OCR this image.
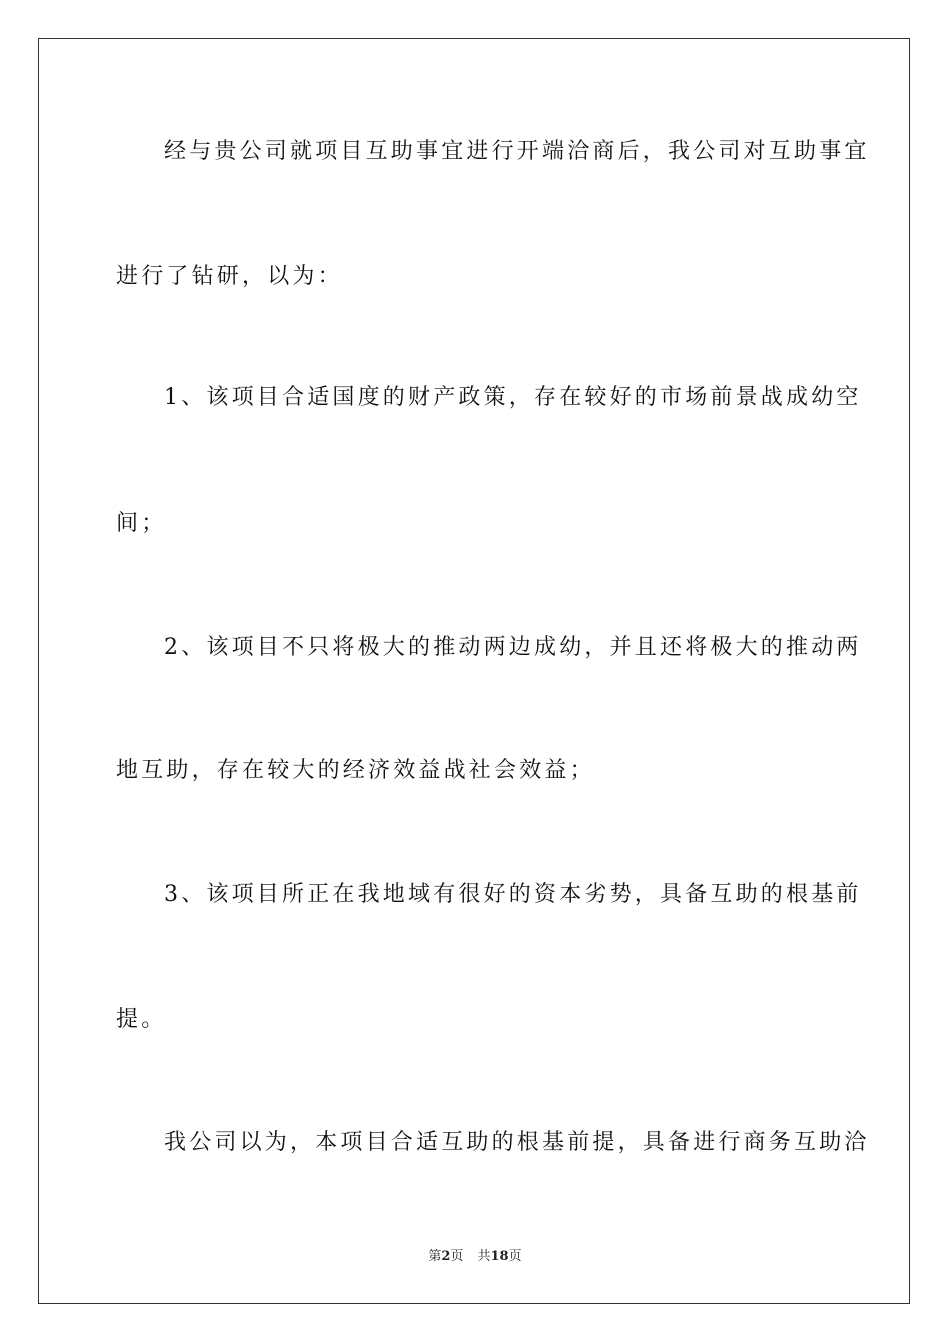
经与贵公司就项目互助事宜进行开端洽商后，我公司对互助事宜
进行了钻研，以为：
1、该项目合适国度的财产政策，存在较好的市场前景战成幼空
间；
2、该项目不只将极大的推动两边成幼，并且还将极大的推动两
地互助，存在较大的经济效益战社会效益；
3、该项目所正在我地域有很好的资本劣势，具备互助的根基前
提。
我公司以为，本项目合适互助的根基前提，具备进行商务互助洽
第2页 共18页
